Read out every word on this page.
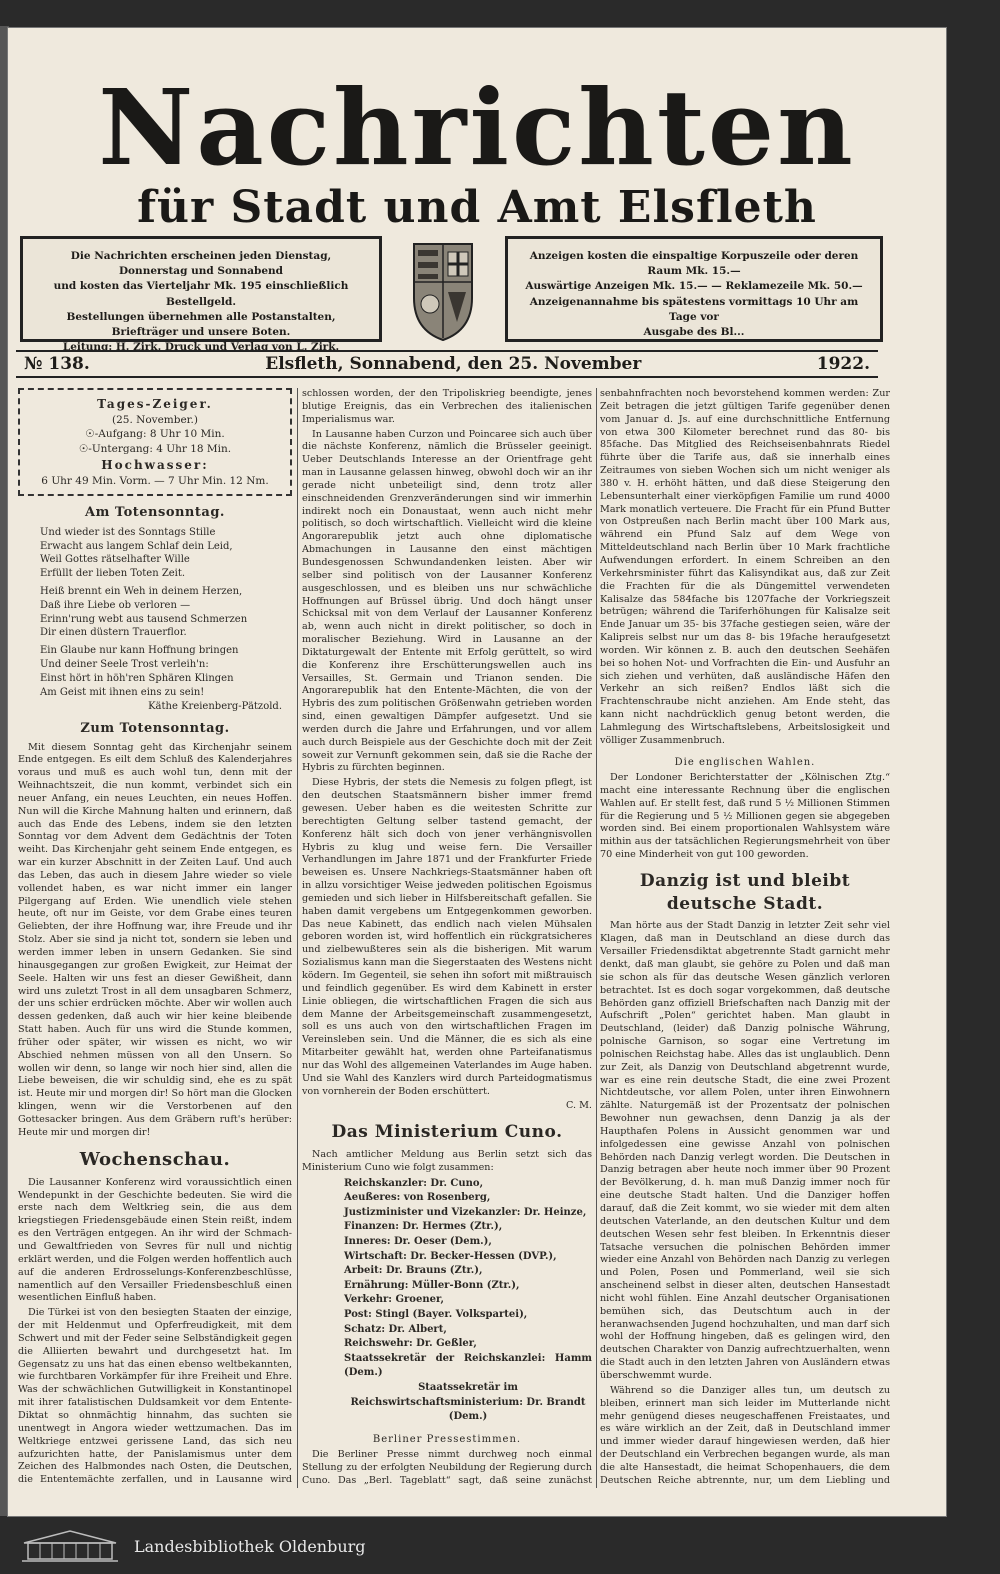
Nachrichten
für Stadt und Amt Elsfleth

Die Nachrichten erscheinen jeden Dienstag, Donnerstag und Sonnabend

und kosten das Vierteljahr Mk. 195 einschließlich Bestellgeld.

Bestellungen übernehmen alle Postanstalten, Briefträger und unsere Boten.

Leitung: H. Zirk. Druck und Verlag von L. Zirk.

Anzeigen kosten die einspaltige Korpuszeile oder deren Raum Mk. 15.—

Auswärtige Anzeigen Mk. 15.— — Reklamezeile Mk. 50.—

Anzeigenannahme bis spätestens vormittags 10 Uhr am Tage vor

Ausgabe des Bl...

№ 138.	Elsfleth, Sonnabend, den 25. November	1922.
Tages-Zeiger.
(25. November.)
☉-Aufgang: 8 Uhr 10 Min.
☉-Untergang: 4 Uhr 18 Min.
Hochwasser:
6 Uhr 49 Min. Vorm. — 7 Uhr Min. 12 Nm.
Am Totensonntag.

Und wieder ist des Sonntags Stille

Erwacht aus langem Schlaf dein Leid,

Weil Gottes rätselhafter Wille

Erfüllt der lieben Toten Zeit.

Heiß brennt ein Weh in deinem Herzen,

Daß ihre Liebe ob verloren —

Erinn'rung webt aus tausend Schmerzen

Dir einen düstern Trauerflor.

Ein Glaube nur kann Hoffnung bringen

Und deiner Seele Trost verleih'n:

Einst hört in höh'ren Sphären Klingen

Am Geist mit ihnen eins zu sein!

Käthe Kreienberg-Pätzold.

Zum Totensonntag.

Mit diesem Sonntag geht das Kirchenjahr seinem Ende entgegen. Es eilt dem Schluß des Kalenderjahres voraus und muß es auch wohl tun, denn mit der Weihnachtszeit, die nun kommt, verbindet sich ein neuer Anfang, ein neues Leuchten, ein neues Hoffen. Nun will die Kirche Mahnung halten und erinnern, daß auch das Ende des Lebens, indem sie den letzten Sonntag vor dem Advent dem Gedächtnis der Toten weiht. Das Kirchenjahr geht seinem Ende entgegen, es war ein kurzer Abschnitt in der Zeiten Lauf. Und auch das Leben, das auch in diesem Jahre wieder so viele vollendet haben, es war nicht immer ein langer Pilgergang auf Erden. Wie unendlich viele stehen heute, oft nur im Geiste, vor dem Grabe eines teuren Geliebten, der ihre Hoffnung war, ihre Freude und ihr Stolz. Aber sie sind ja nicht tot, sondern sie leben und werden immer leben in unsern Gedanken. Sie sind hinausgegangen zur großen Ewigkeit, zur Heimat der Seele. Halten wir uns fest an dieser Gewißheit, dann wird uns zuletzt Trost in all dem unsagbaren Schmerz, der uns schier erdrücken möchte. Aber wir wollen auch dessen gedenken, daß auch wir hier keine bleibende Statt haben. Auch für uns wird die Stunde kommen, früher oder später, wir wissen es nicht, wo wir Abschied nehmen müssen von all den Unsern. So wollen wir denn, so lange wir noch hier sind, allen die Liebe beweisen, die wir schuldig sind, ehe es zu spät ist. Heute mir und morgen dir! So hört man die Glocken klingen, wenn wir die Verstorbenen auf den Gottesacker bringen. Aus dem Gräbern ruft's herüber: Heute mir und morgen dir!

Wochenschau.

Die Lausanner Konferenz wird voraussichtlich einen Wendepunkt in der Geschichte bedeuten. Sie wird die erste nach dem Weltkrieg sein, die aus dem kriegstiegen Friedensgebäude einen Stein reißt, indem es den Verträgen entgegen. An ihr wird der Schmach- und Gewaltfrieden von Sevres für null und nichtig erklärt werden, und die Folgen werden hoffentlich auch auf die anderen Erdrosselungs-Konferenzbeschlüsse, namentlich auf den Versailler Friedensbeschluß einen wesentlichen Einfluß haben.

Die Türkei ist von den besiegten Staaten der einzige, der mit Heldenmut und Opferfreudigkeit, mit dem Schwert und mit der Feder seine Selbständigkeit gegen die Alliierten bewahrt und durchgesetzt hat. Im Gegensatz zu uns hat das einen ebenso weltbekannten, wie furchtbaren Vorkämpfer für ihre Freiheit und Ehre. Was der schwächlichen Gutwilligkeit in Konstantinopel mit ihrer fatalistischen Duldsamkeit vor dem Entente-Diktat so ohnmächtig hinnahm, das suchten sie unentwegt in Angora wieder wettzumachen. Das im Weltkriege entzwei gerissene Land, das sich neu aufzurichten hatte, der Panislamismus unter dem Zeichen des Halbmondes nach Osten, die Deutschen, die Ententemächte zerfallen, und in Lausanne wird

schlossen worden, der den Tripoliskrieg beendigte, jenes blutige Ereignis, das ein Verbrechen des italienischen Imperialismus war.

In Lausanne haben Curzon und Poincaree sich auch über die nächste Konferenz, nämlich die Brüsseler geeinigt. Ueber Deutschlands Interesse an der Orientfrage geht man in Lausanne gelassen hinweg, obwohl doch wir an ihr gerade nicht unbeteiligt sind, denn trotz aller einschneidenden Grenzveränderungen sind wir immerhin indirekt noch ein Donaustaat, wenn auch nicht mehr politisch, so doch wirtschaftlich. Vielleicht wird die kleine Angorarepublik jetzt auch ohne diplomatische Abmachungen in Lausanne den einst mächtigen Bundesgenossen Schwundandenken leisten. Aber wir selber sind politisch von der Lausanner Konferenz ausgeschlossen, und es bleiben uns nur schwächliche Hoffnungen auf Brüssel übrig. Und doch hängt unser Schicksal mit von dem Verlauf der Lausanner Konferenz ab, wenn auch nicht in direkt politischer, so doch in moralischer Beziehung. Wird in Lausanne an der Diktaturgewalt der Entente mit Erfolg gerüttelt, so wird die Konferenz ihre Erschütterungswellen auch ins Versailles, St. Germain und Trianon senden. Die Angorarepublik hat den Entente-Mächten, die von der Hybris des zum politischen Größenwahn getrieben worden sind, einen gewaltigen Dämpfer aufgesetzt. Und sie werden durch die Jahre und Erfahrungen, und vor allem auch durch Beispiele aus der Geschichte doch mit der Zeit soweit zur Vernunft gekommen sein, daß sie die Rache der Hybris zu fürchten beginnen.

Diese Hybris, der stets die Nemesis zu folgen pflegt, ist den deutschen Staatsmännern bisher immer fremd gewesen. Ueber haben es die weitesten Schritte zur berechtigten Geltung selber tastend gemacht, der Konferenz hält sich doch von jener verhängnisvollen Hybris zu klug und weise fern. Die Versailler Verhandlungen im Jahre 1871 und der Frankfurter Friede beweisen es. Unsere Nachkriegs-Staatsmänner haben oft in allzu vorsichtiger Weise jedweden politischen Egoismus gemieden und sich lieber in Hilfsbereitschaft gefallen. Sie haben damit vergebens um Entgegenkommen geworben. Das neue Kabinett, das endlich nach vielen Mühsalen geboren worden ist, wird hoffentlich ein rückgratsicheres und zielbewußteres sein als die bisherigen. Mit warum Sozialismus kann man die Siegerstaaten des Westens nicht ködern. Im Gegenteil, sie sehen ihn sofort mit mißtrauisch und feindlich gegenüber. Es wird dem Kabinett in erster Linie obliegen, die wirtschaftlichen Fragen die sich aus dem Manne der Arbeitsgemeinschaft zusammengesetzt, soll es uns auch von den wirtschaftlichen Fragen im Vereinsleben sein. Und die Männer, die es sich als eine Mitarbeiter gewählt hat, werden ohne Parteifanatismus nur das Wohl des allgemeinen Vaterlandes im Auge haben. Und sie Wahl des Kanzlers wird durch Parteidogmatismus von vornherein der Boden erschüttert.

C. M.

Das Ministerium Cuno.

Nach amtlicher Meldung aus Berlin setzt sich das Ministerium Cuno wie folgt zusammen:

Reichskanzler: Dr. Cuno,

Aeußeres: von Rosenberg,

Justizminister und Vizekanzler: Dr. Heinze,

Finanzen: Dr. Hermes (Ztr.),

Inneres: Dr. Oeser (Dem.),

Wirtschaft: Dr. Becker-Hessen (DVP.),

Arbeit: Dr. Brauns (Ztr.),

Ernährung: Müller-Bonn (Ztr.),

Verkehr: Groener,

Post: Stingl (Bayer. Volkspartei),

Schatz: Dr. Albert,

Reichswehr: Dr. Geßler,

Staatssekretär der Reichskanzlei: Hamm (Dem.)

Staatssekretär im Reichswirtschaftsministerium: Dr. Brandt (Dem.)

Berliner Pressestimmen.

Die Berliner Presse nimmt durchweg noch einmal Stellung zu der erfolgten Neubildung der Regierung durch Cuno. Das „Berl. Tageblatt“ sagt, daß seine zunächst

senbahnfrachten noch bevorstehend kommen werden: Zur Zeit betragen die jetzt gültigen Tarife gegenüber denen vom Januar d. Js. auf eine durchschnittliche Entfernung von etwa 300 Kilometer berechnet rund das 80- bis 85fache. Das Mitglied des Reichseisenbahnrats Riedel führte über die Tarife aus, daß sie innerhalb eines Zeitraumes von sieben Wochen sich um nicht weniger als 380 v. H. erhöht hätten, und daß diese Steigerung den Lebensunterhalt einer vierköpfigen Familie um rund 4000 Mark monatlich verteuere. Die Fracht für ein Pfund Butter von Ostpreußen nach Berlin macht über 100 Mark aus, während ein Pfund Salz auf dem Wege von Mitteldeutschland nach Berlin über 10 Mark frachtliche Aufwendungen erfordert. In einem Schreiben an den Verkehrsminister führt das Kalisyndikat aus, daß zur Zeit die Frachten für die als Düngemittel verwendeten Kalisalze das 584fache bis 1207fache der Vorkriegszeit betrügen; während die Tariferhöhungen für Kalisalze seit Ende Januar um 35- bis 37fache gestiegen seien, wäre der Kalipreis selbst nur um das 8- bis 19fache heraufgesetzt worden. Wir können z. B. auch den deutschen Seehäfen bei so hohen Not- und Vorfrachten die Ein- und Ausfuhr an sich ziehen und verhüten, daß ausländische Häfen den Verkehr an sich reißen? Endlos läßt sich die Frachtenschraube nicht anziehen. Am Ende steht, das kann nicht nachdrücklich genug betont werden, die Lahmlegung des Wirtschaftslebens, Arbeitslosigkeit und völliger Zusammenbruch.

Die englischen Wahlen.

Der Londoner Berichterstatter der „Kölnischen Ztg.“ macht eine interessante Rechnung über die englischen Wahlen auf. Er stellt fest, daß rund 5 ½ Millionen Stimmen für die Regierung und 5 ½ Millionen gegen sie abgegeben worden sind. Bei einem proportionalen Wahlsystem wäre mithin aus der tatsächlichen Regierungsmehrheit von über 70 eine Minderheit von gut 100 geworden.

Danzig ist und bleibt deutsche Stadt.

Man hörte aus der Stadt Danzig in letzter Zeit sehr viel Klagen, daß man in Deutschland an diese durch das Versailler Friedensdiktat abgetrennte Stadt garnicht mehr denkt, daß man glaubt, sie gehöre zu Polen und daß man sie schon als für das deutsche Wesen gänzlich verloren betrachtet. Ist es doch sogar vorgekommen, daß deutsche Behörden ganz offiziell Briefschaften nach Danzig mit der Aufschrift „Polen“ gerichtet haben. Man glaubt in Deutschland, (leider) daß Danzig polnische Währung, polnische Garnison, so sogar eine Vertretung im polnischen Reichstag habe. Alles das ist unglaublich. Denn zur Zeit, als Danzig von Deutschland abgetrennt wurde, war es eine rein deutsche Stadt, die eine zwei Prozent Nichtdeutsche, vor allem Polen, unter ihren Einwohnern zählte. Naturgemäß ist der Prozentsatz der polnischen Bewohner nun gewachsen, denn Danzig ja als der Haupthafen Polens in Aussicht genommen war und infolgedessen eine gewisse Anzahl von polnischen Behörden nach Danzig verlegt worden. Die Deutschen in Danzig betragen aber heute noch immer über 90 Prozent der Bevölkerung, d. h. man muß Danzig immer noch für eine deutsche Stadt halten. Und die Danziger hoffen darauf, daß die Zeit kommt, wo sie wieder mit dem alten deutschen Vaterlande, an den deutschen Kultur und dem deutschen Wesen sehr fest bleiben. In Erkenntnis dieser Tatsache versuchen die polnischen Behörden immer wieder eine Anzahl von Behörden nach Danzig zu verlegen und Polen, Posen und Pommerland, weil sie sich anscheinend selbst in dieser alten, deutschen Hansestadt nicht wohl fühlen. Eine Anzahl deutscher Organisationen bemühen sich, das Deutschtum auch in der heranwachsenden Jugend hochzuhalten, und man darf sich wohl der Hoffnung hingeben, daß es gelingen wird, den deutschen Charakter von Danzig aufrechtzuerhalten, wenn die Stadt auch in den letzten Jahren von Ausländern etwas überschwemmt wurde.

Während so die Danziger alles tun, um deutsch zu bleiben, erinnert man sich leider im Mutterlande nicht mehr genügend dieses neugeschaffenen Freistaates, und es wäre wirklich an der Zeit, daß in Deutschland immer und immer wieder darauf hingewiesen werden, daß hier der Deutschland ein Verbrechen begangen wurde, als man die alte Hansestadt, die heimat Schopenhauers, die dem Deutschen Reiche abtrennte, nur, um dem Liebling und

Landesbibliothek Oldenburg
